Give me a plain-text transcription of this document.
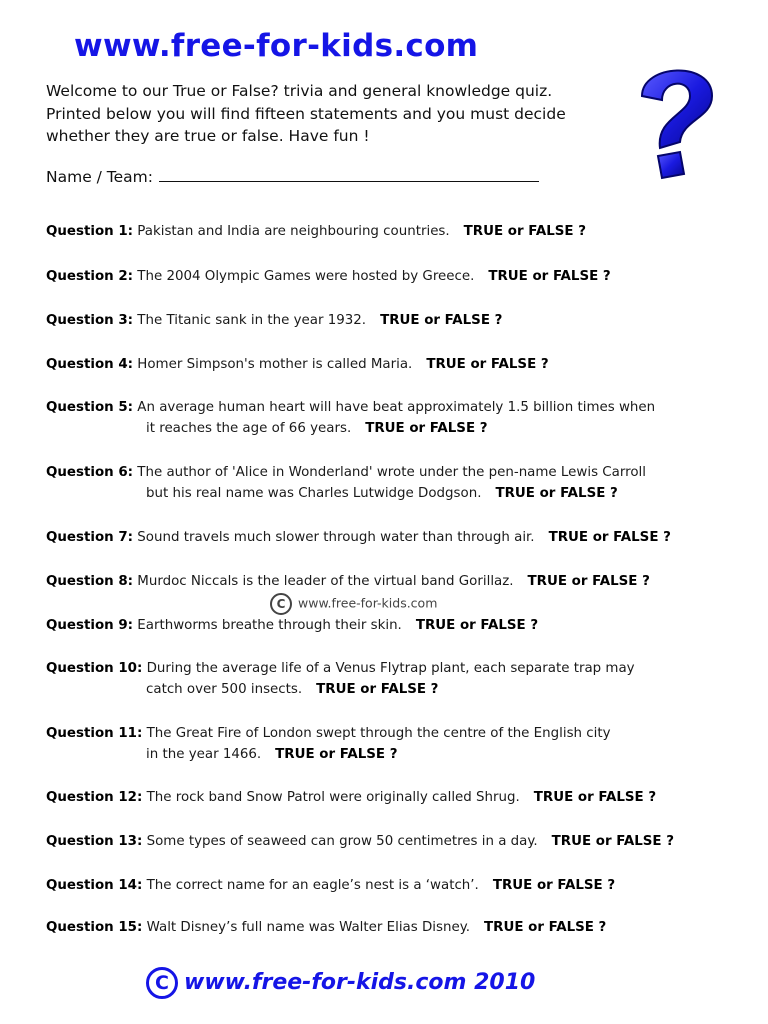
www.free-for-kids.com
Welcome to our True or False? trivia and general knowledge quiz. Printed below you will find fifteen statements and you must decide whether they are true or false. Have fun !
Name / Team:
Question 1: Pakistan and India are neighbouring countries. TRUE or FALSE ?
Question 2: The 2004 Olympic Games were hosted by Greece. TRUE or FALSE ?
Question 3: The Titanic sank in the year 1932. TRUE or FALSE ?
Question 4: Homer Simpson's mother is called Maria. TRUE or FALSE ?
Question 5: An average human heart will have beat approximately 1.5 billion times when
it reaches the age of 66 years. TRUE or FALSE ?
Question 6: The author of 'Alice in Wonderland' wrote under the pen-name Lewis Carroll
but his real name was Charles Lutwidge Dodgson. TRUE or FALSE ?
Question 7: Sound travels much slower through water than through air. TRUE or FALSE ?
Question 8: Murdoc Niccals is the leader of the virtual band Gorillaz. TRUE or FALSE ?
Question 9: Earthworms breathe through their skin. TRUE or FALSE ?
Question 10: During the average life of a Venus Flytrap plant, each separate trap may
catch over 500 insects. TRUE or FALSE ?
Question 11: The Great Fire of London swept through the centre of the English city
in the year 1466. TRUE or FALSE ?
Question 12: The rock band Snow Patrol were originally called Shrug. TRUE or FALSE ?
Question 13: Some types of seaweed can grow 50 centimetres in a day. TRUE or FALSE ?
Question 14: The correct name for an eagle’s nest is a ‘watch’. TRUE or FALSE ?
Question 15: Walt Disney’s full name was Walter Elias Disney. TRUE or FALSE ?
C www.free-for-kids.com
C www.free-for-kids.com 2010
